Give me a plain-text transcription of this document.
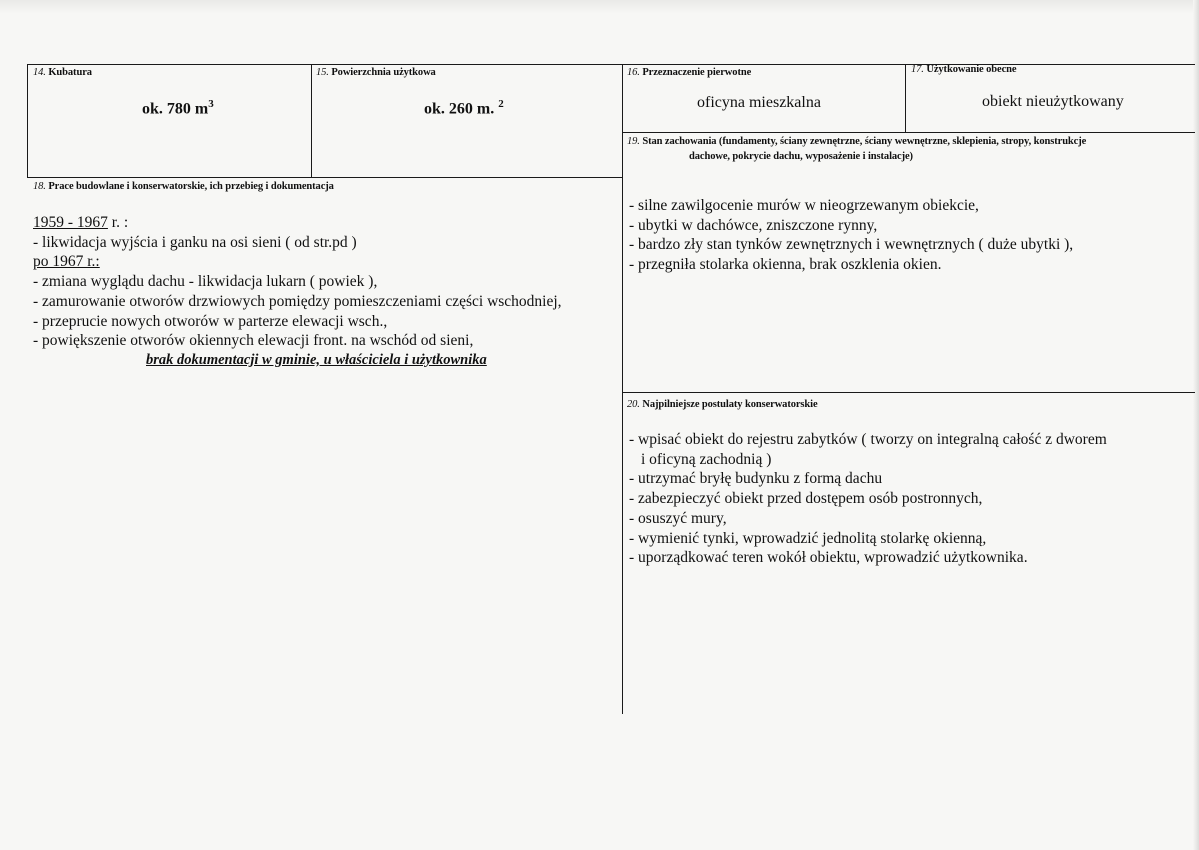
14. Kubatura
ok. 780 $m^3$
15. Powierzchnia użytkowa
ok. 260 m. $^2$
16. Przeznaczenie pierwotne
oficyna mieszkalna
17. Użytkowanie obecne
obiekt nieużytkowany
19. Stan zachowania (fundamenty, ściany zewnętrzne, ściany wewnętrzne, sklepienia, stropy, konstrukcje
dachowe, pokrycie dachu, wyposażenie i instalacje)
- silne zawilgocenie murów w nieogrzewanym obiekcie,
- ubytki w dachówce, zniszczone rynny,
- bardzo zły stan tynków zewnętrznych i wewnętrznych ( duże ubytki ),
- przegniła stolarka okienna, brak oszklenia okien.
18. Prace budowlane i konserwatorskie, ich przebieg i dokumentacja
1959 - 1967 r. :
- likwidacja wyjścia i ganku na osi sieni ( od str.pd )
po 1967 r.:
- zmiana wyglądu dachu - likwidacja lukarn ( powiek ),
- zamurowanie otworów drzwiowych pomiędzy pomieszczeniami części wschodniej,
- przeprucie nowych otworów w parterze elewacji wsch.,
- powiększenie otworów okiennych elewacji front. na wschód od sieni,
brak dokumentacji w gminie, u właściciela i użytkownika
20. Najpilniejsze postulaty konserwatorskie
- wpisać obiekt do rejestru zabytków ( tworzy on integralną całość z dworem
i oficyną zachodnią )
- utrzymać bryłę budynku z formą dachu
- zabezpieczyć obiekt przed dostępem osób postronnych,
- osuszyć mury,
- wymienić tynki, wprowadzić jednolitą stolarkę okienną,
- uporządkować teren wokół obiektu, wprowadzić użytkownika.
